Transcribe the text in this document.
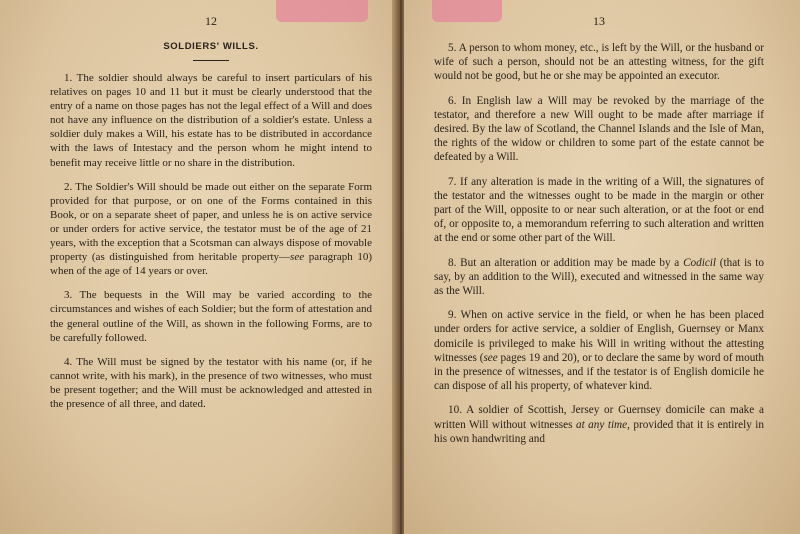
12
SOLDIERS' WILLS.

1. The soldier should always be careful to insert particulars of his relatives on pages 10 and 11 but it must be clearly understood that the entry of a name on those pages has not the legal effect of a Will and does not have any influence on the distribution of a soldier's estate. Unless a soldier duly makes a Will, his estate has to be distributed in accordance with the laws of Intestacy and the person whom he might intend to benefit may receive little or no share in the distribution.

2. The Soldier's Will should be made out either on the separate Form provided for that purpose, or on one of the Forms contained in this Book, or on a separate sheet of paper, and unless he is on active service or under orders for active service, the testator must be of the age of 21 years, with the exception that a Scotsman can always dispose of movable property (as distinguished from heritable property—see paragraph 10) when of the age of 14 years or over.

3. The bequests in the Will may be varied according to the circumstances and wishes of each Soldier; but the form of attestation and the general outline of the Will, as shown in the following Forms, are to be carefully followed.

4. The Will must be signed by the testator with his name (or, if he cannot write, with his mark), in the presence of two witnesses, who must be present together; and the Will must be acknowledged and attested in the presence of all three, and dated.

13

5. A person to whom money, etc., is left by the Will, or the husband or wife of such a person, should not be an attesting witness, for the gift would not be good, but he or she may be appointed an executor.

6. In English law a Will may be revoked by the marriage of the testator, and therefore a new Will ought to be made after marriage if desired. By the law of Scotland, the Channel Islands and the Isle of Man, the rights of the widow or children to some part of the estate cannot be defeated by a Will.

7. If any alteration is made in the writing of a Will, the signatures of the testator and the witnesses ought to be made in the margin or other part of the Will, opposite to or near such alteration, or at the foot or end of, or opposite to, a memorandum referring to such alteration and written at the end or some other part of the Will.

8. But an alteration or addition may be made by a Codicil (that is to say, by an addition to the Will), executed and witnessed in the same way as the Will.

9. When on active service in the field, or when he has been placed under orders for active service, a soldier of English, Guernsey or Manx domicile is privileged to make his Will in writing without the attesting witnesses (see pages 19 and 20), or to declare the same by word of mouth in the presence of witnesses, and if the testator is of English domicile he can dispose of all his property, of whatever kind.

10. A soldier of Scottish, Jersey or Guernsey domicile can make a written Will without witnesses at any time, provided that it is entirely in his own handwriting and
